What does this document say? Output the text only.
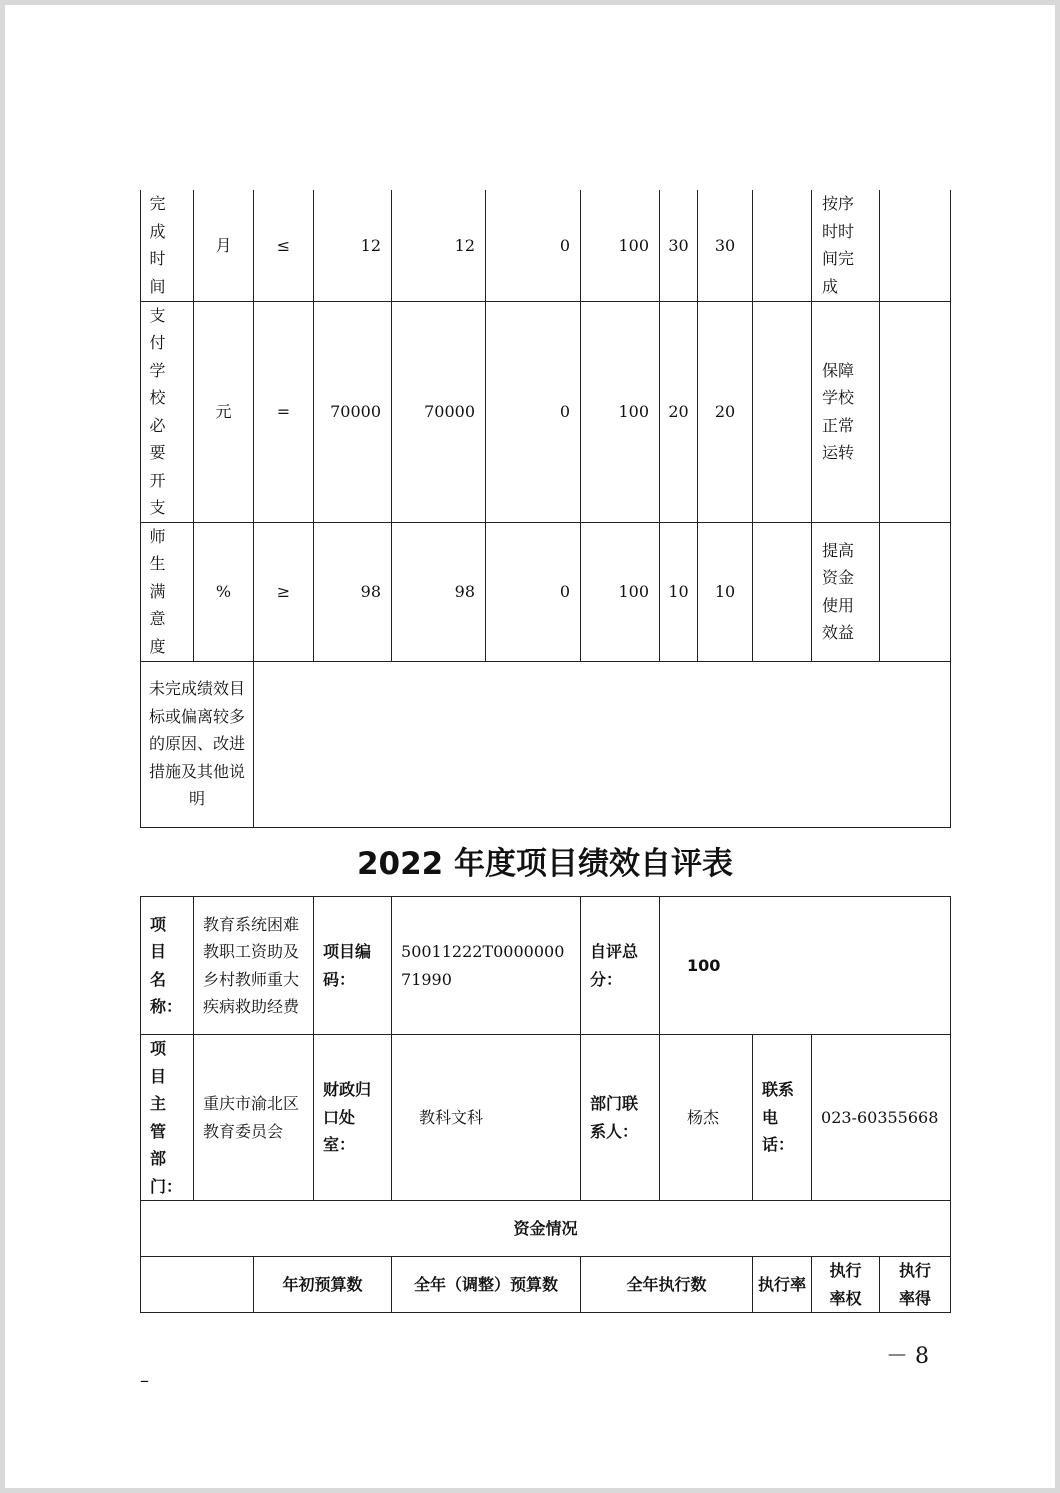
完成时间	月	≤	12	12	0	100	30	30		按序时时间完成	

支付学校必要开支	元	=	70000	70000	0	100	20	20		保障学校正常运转	

师生满意度	%	≥	98	98	0	100	10	10		提高资金使用效益	

未完成绩效目标或偏离较多的原因、改进措施及其他说明											
2022 年度项目绩效自评表
项目名称：	教育系统困难教职工资助及乡村教师重大疾病救助经费		项目编码：	50011222T000000071990	自评总分：	100			

项目主管部门：	重庆市渝北区教育委员会		财政归口处室：	教科文科	部门联系人：	杨杰	联系电话：	023-60355668	
资金情况									
		年初预算数		全年（调整）预算数	全年执行数		执行率	执行率权	执行率得
－ 8
–
